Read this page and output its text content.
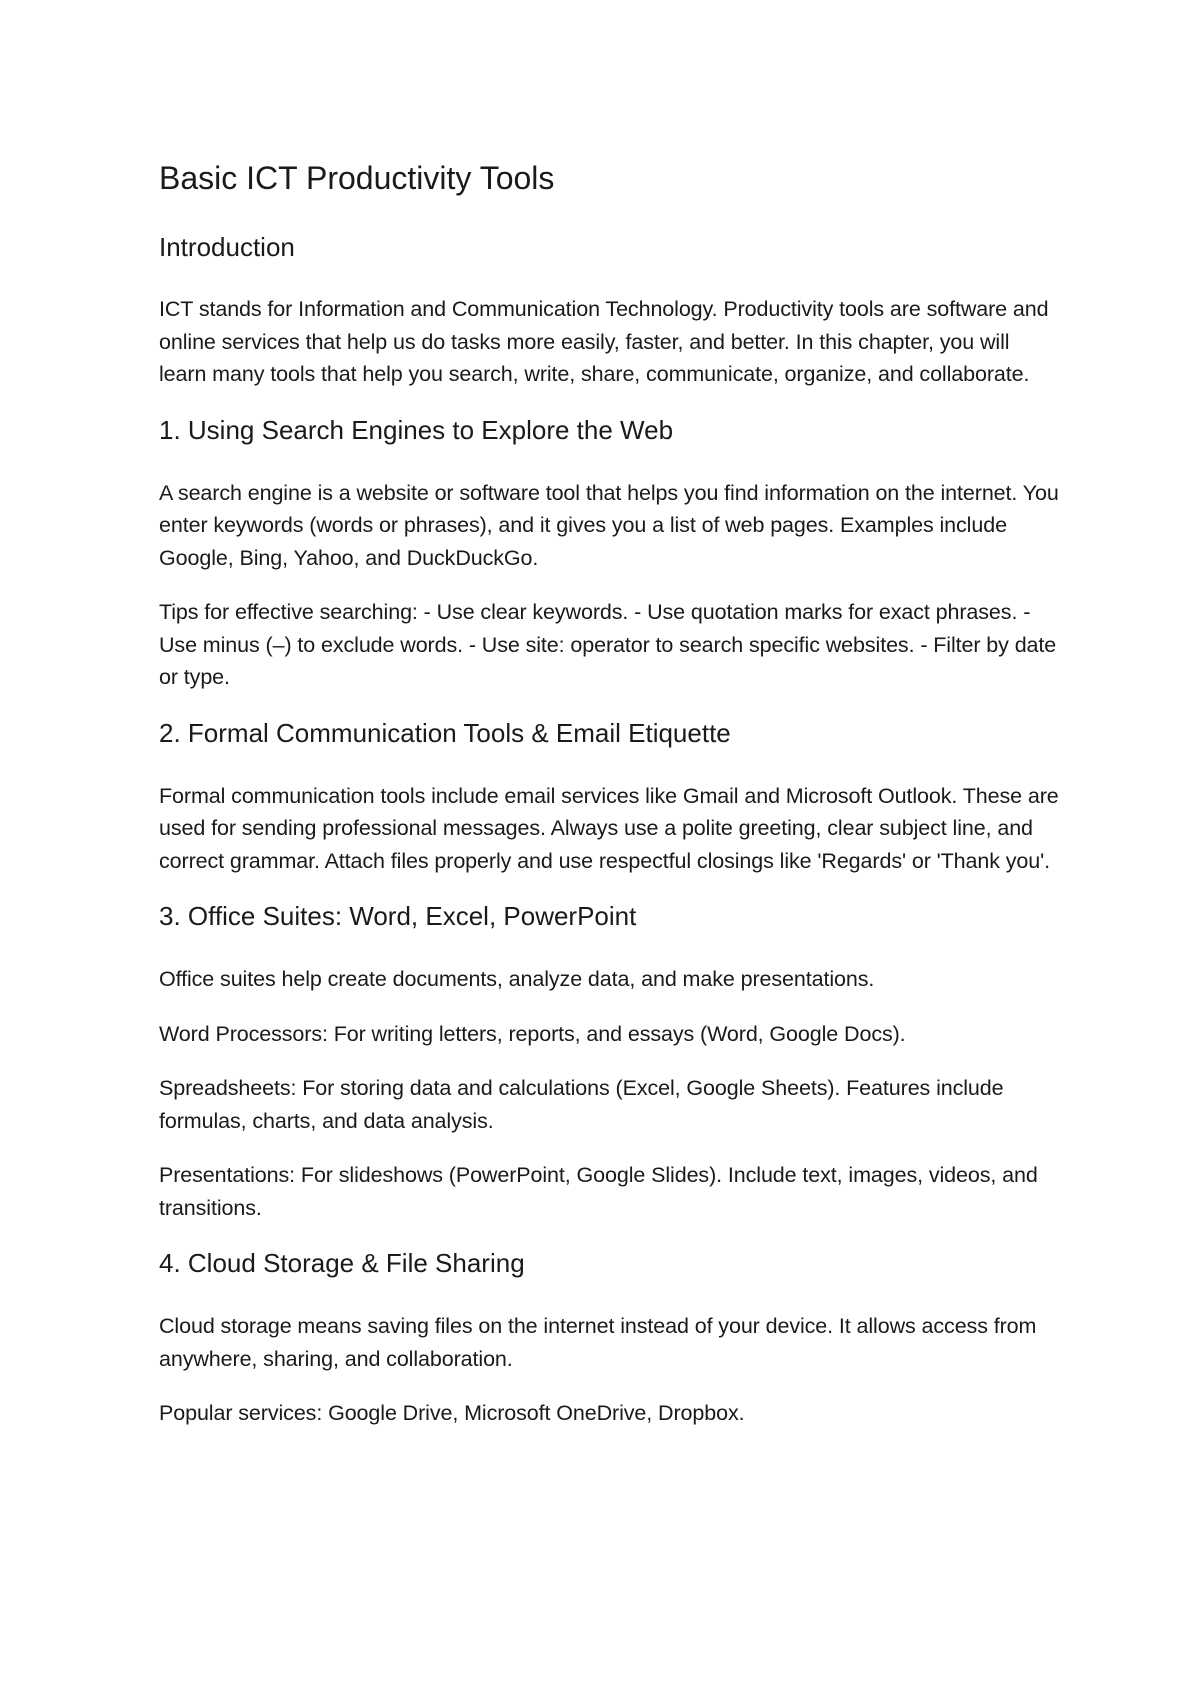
Basic ICT Productivity Tools
Introduction

ICT stands for Information and Communication Technology. Productivity tools are software and online services that help us do tasks more easily, faster, and better. In this chapter, you will learn many tools that help you search, write, share, communicate, organize, and collaborate.

1. Using Search Engines to Explore the Web

A search engine is a website or software tool that helps you find information on the internet. You enter keywords (words or phrases), and it gives you a list of web pages. Examples include Google, Bing, Yahoo, and DuckDuckGo.

Tips for effective searching: - Use clear keywords. - Use quotation marks for exact phrases. - Use minus (–) to exclude words. - Use site: operator to search specific websites. - Filter by date or type.

2. Formal Communication Tools & Email Etiquette

Formal communication tools include email services like Gmail and Microsoft Outlook. These are used for sending professional messages. Always use a polite greeting, clear subject line, and correct grammar. Attach files properly and use respectful closings like 'Regards' or 'Thank you'.

3. Office Suites: Word, Excel, PowerPoint

Office suites help create documents, analyze data, and make presentations.

Word Processors: For writing letters, reports, and essays (Word, Google Docs).

Spreadsheets: For storing data and calculations (Excel, Google Sheets). Features include formulas, charts, and data analysis.

Presentations: For slideshows (PowerPoint, Google Slides). Include text, images, videos, and transitions.

4. Cloud Storage & File Sharing

Cloud storage means saving files on the internet instead of your device. It allows access from anywhere, sharing, and collaboration.

Popular services: Google Drive, Microsoft OneDrive, Dropbox.
